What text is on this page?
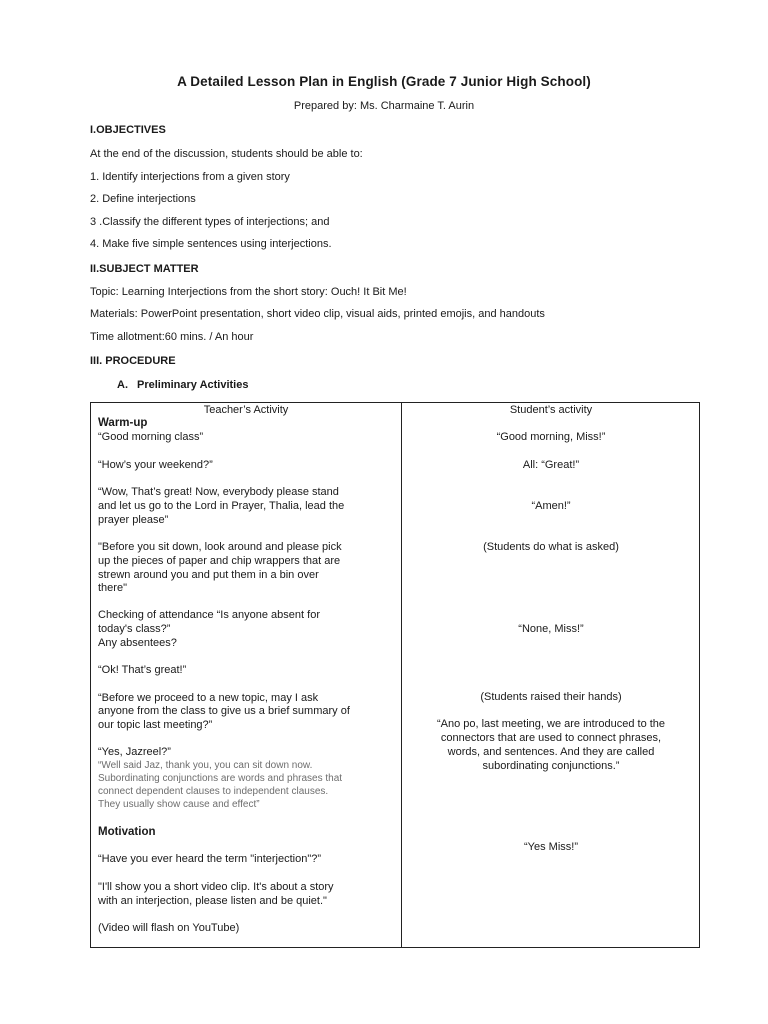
A Detailed Lesson Plan in English (Grade 7 Junior High School)
Prepared by: Ms. Charmaine T. Aurin
I.OBJECTIVES
At the end of the discussion, students should be able to:
1. Identify interjections from a given story
2. Define interjections
3 .Classify the different types of interjections; and
4. Make five simple sentences using interjections.
II.SUBJECT MATTER
Topic: Learning Interjections from the short story: Ouch! It Bit Me!
Materials: PowerPoint presentation, short video clip, visual aids, printed emojis, and handouts
Time allotment:60 mins. / An hour
III. PROCEDURE
A. Preliminary Activities
Teacher’s Activity	Student’s activity
Warm-up
“Good morning class”
“How’s your weekend?”
“Wow, That’s great! Now, everybody please stand
and let us go to the Lord in Prayer, Thalia, lead the
prayer please”
"Before you sit down, look around and please pick
up the pieces of paper and chip wrappers that are
strewn around you and put them in a bin over
there"
Checking of attendance “Is anyone absent for
today's class?”
Any absentees?
“Ok! That’s great!”
“Before we proceed to a new topic, may I ask
anyone from the class to give us a brief summary of
our topic last meeting?”
“Yes, Jazreel?”
“Well said Jaz, thank you, you can sit down now.
Subordinating conjunctions are words and phrases that
connect dependent clauses to independent clauses.
They usually show cause and effect”
Motivation
“Have you ever heard the term "interjection"?”
"I'll show you a short video clip. It's about a story
with an interjection, please listen and be quiet."
(Video will flash on YouTube)
“Good morning, Miss!”
All: “Great!”
“Amen!”
(Students do what is asked)
“None, Miss!”
(Students raised their hands)
“Ano po, last meeting, we are introduced to the
connectors that are used to connect phrases,
words, and sentences. And they are called
subordinating conjunctions.”
“Yes Miss!”
